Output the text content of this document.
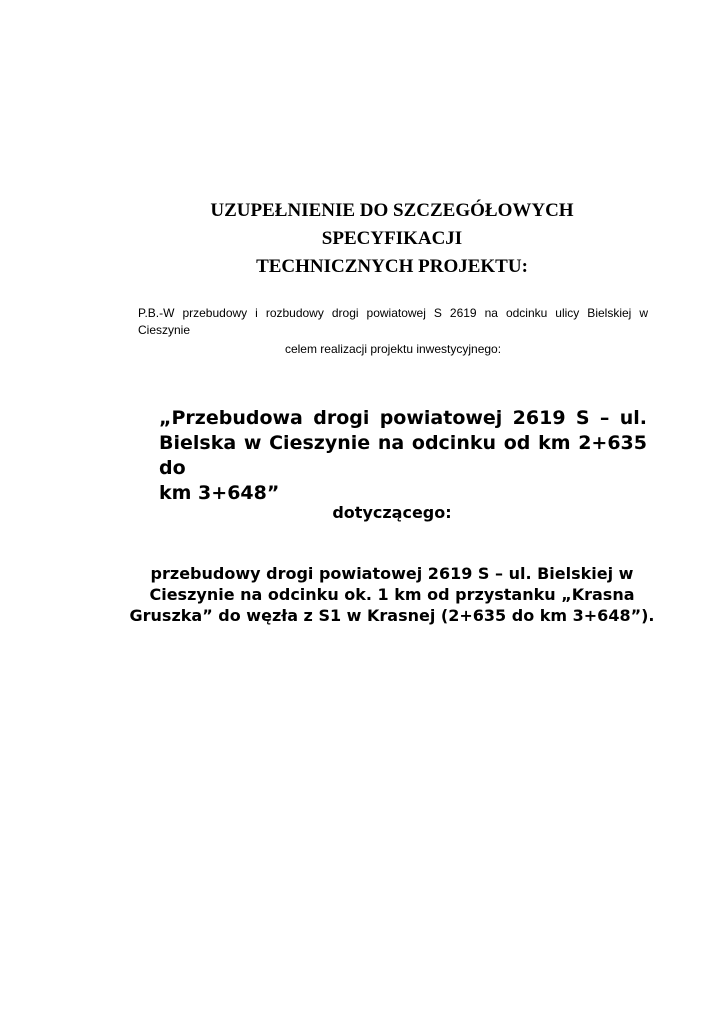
UZUPEŁNIENIE DO SZCZEGÓŁOWYCH
SPECYFIKACJI
TECHNICZNYCH PROJEKTU:
P.B.-W przebudowy i rozbudowy drogi powiatowej S 2619 na odcinku ulicy Bielskiej w
Cieszynie
celem realizacji projektu inwestycyjnego:
„Przebudowa drogi powiatowej 2619 S – ul.
Bielska w Cieszynie na odcinku od km 2+635 do
km 3+648”
dotyczącego:
przebudowy drogi powiatowej 2619 S – ul. Bielskiej w
Cieszynie na odcinku ok. 1 km od przystanku „Krasna
Gruszka” do węzła z S1 w Krasnej (2+635 do km 3+648”).
